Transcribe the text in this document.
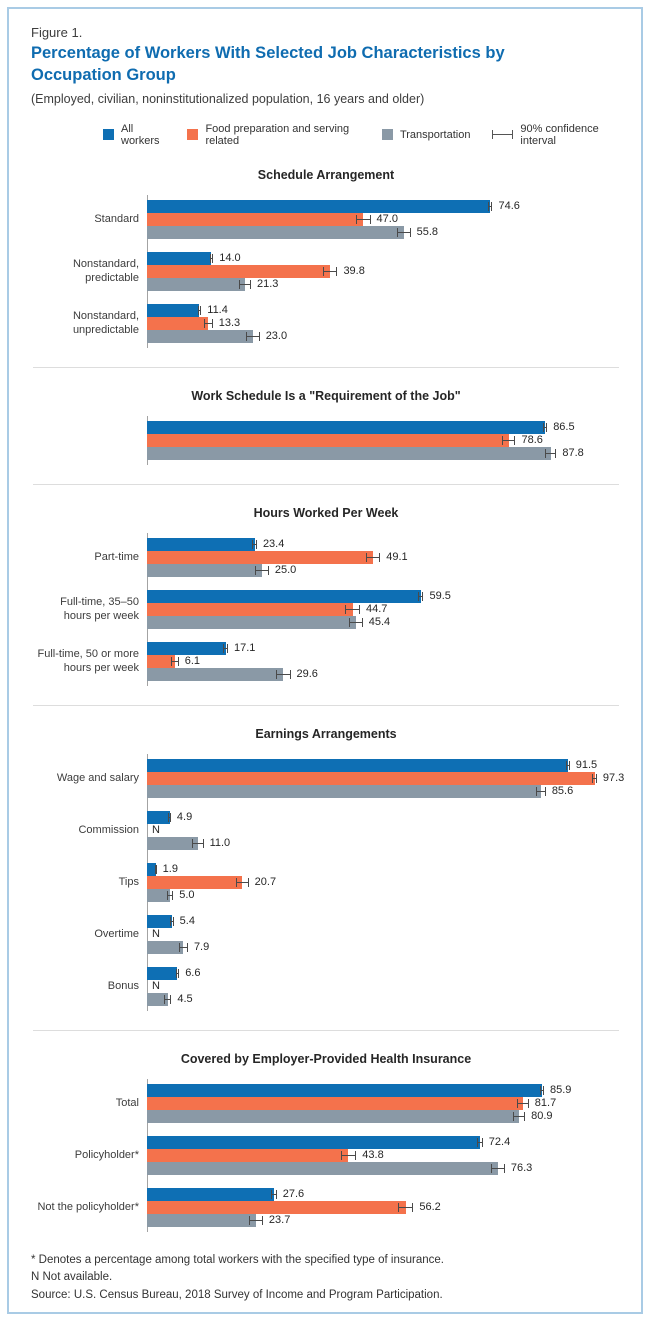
Figure 1.
Percentage of Workers With Selected Job Characteristics by Occupation Group
(Employed, civilian, noninstitutionalized population, 16 years and older)
All workers
Food preparation and serving related	Transportation	90% confidence interval
Schedule Arrangement
Standard
74.6
47.0
55.8
Nonstandard, predictable
14.0
39.8
21.3
Nonstandard, unpredictable
11.4
13.3
23.0
Work Schedule Is a "Requirement of the Job"
86.5
78.6
87.8
Hours Worked Per Week
Part-time
23.4
49.1
25.0
Full-time, 35–50 hours per week
59.5
44.7
45.4
Full-time, 50 or more hours per week
17.1
6.1
29.6
Earnings Arrangements
Wage and salary
91.5
97.3
85.6
Commission
4.9
N
11.0
Tips
1.9
20.7
5.0
Overtime
5.4
N
7.9
Bonus
6.6
N
4.5
Covered by Employer-Provided Health Insurance
Total
85.9
81.7
80.9
Policyholder*
72.4
43.8
76.3
Not the policyholder*
27.6
56.2
23.7
* Denotes a percentage among total workers with the specified type of insurance.
N Not available.
Source: U.S. Census Bureau, 2018 Survey of Income and Program Participation.
